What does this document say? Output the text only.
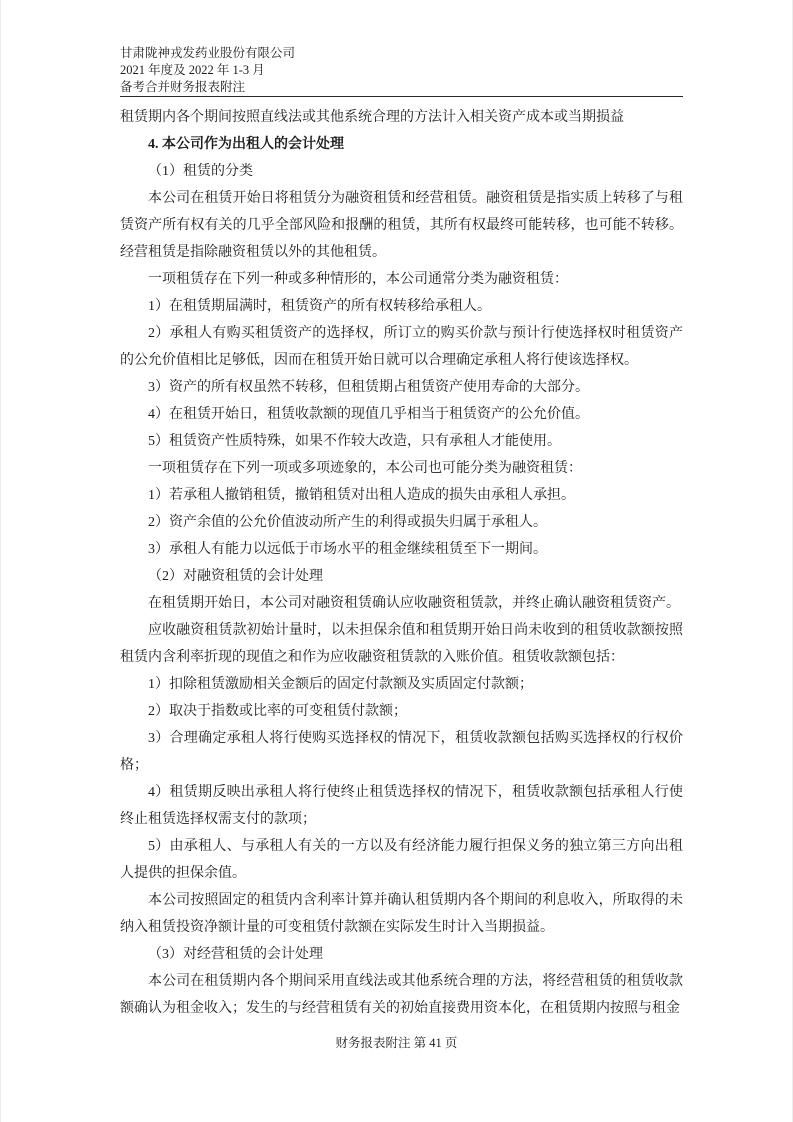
甘肃陇神戎发药业股份有限公司
2021 年度及 2022 年 1-3 月
备考合并财务报表附注

租赁期内各个期间按照直线法或其他系统合理的方法计入相关资产成本或当期损益

4. 本公司作为出租人的会计处理

（1）租赁的分类

本公司在租赁开始日将租赁分为融资租赁和经营租赁。融资租赁是指实质上转移了与租赁资产所有权有关的几乎全部风险和报酬的租赁，其所有权最终可能转移，也可能不转移。经营租赁是指除融资租赁以外的其他租赁。

一项租赁存在下列一种或多种情形的，本公司通常分类为融资租赁：

1）在租赁期届满时，租赁资产的所有权转移给承租人。

2）承租人有购买租赁资产的选择权，所订立的购买价款与预计行使选择权时租赁资产的公允价值相比足够低，因而在租赁开始日就可以合理确定承租人将行使该选择权。

3）资产的所有权虽然不转移，但租赁期占租赁资产使用寿命的大部分。

4）在租赁开始日，租赁收款额的现值几乎相当于租赁资产的公允价值。

5）租赁资产性质特殊，如果不作较大改造，只有承租人才能使用。

一项租赁存在下列一项或多项迹象的，本公司也可能分类为融资租赁：

1）若承租人撤销租赁，撤销租赁对出租人造成的损失由承租人承担。

2）资产余值的公允价值波动所产生的利得或损失归属于承租人。

3）承租人有能力以远低于市场水平的租金继续租赁至下一期间。

（2）对融资租赁的会计处理

在租赁期开始日，本公司对融资租赁确认应收融资租赁款，并终止确认融资租赁资产。

应收融资租赁款初始计量时，以未担保余值和租赁期开始日尚未收到的租赁收款额按照租赁内含利率折现的现值之和作为应收融资租赁款的入账价值。租赁收款额包括：

1）扣除租赁激励相关金额后的固定付款额及实质固定付款额；

2）取决于指数或比率的可变租赁付款额；

3）合理确定承租人将行使购买选择权的情况下，租赁收款额包括购买选择权的行权价格；

4）租赁期反映出承租人将行使终止租赁选择权的情况下，租赁收款额包括承租人行使终止租赁选择权需支付的款项；

5）由承租人、与承租人有关的一方以及有经济能力履行担保义务的独立第三方向出租人提供的担保余值。

本公司按照固定的租赁内含利率计算并确认租赁期内各个期间的利息收入，所取得的未纳入租赁投资净额计量的可变租赁付款额在实际发生时计入当期损益。

（3）对经营租赁的会计处理

本公司在租赁期内各个期间采用直线法或其他系统合理的方法，将经营租赁的租赁收款额确认为租金收入；发生的与经营租赁有关的初始直接费用资本化，在租赁期内按照与租金

财务报表附注 第 41 页
